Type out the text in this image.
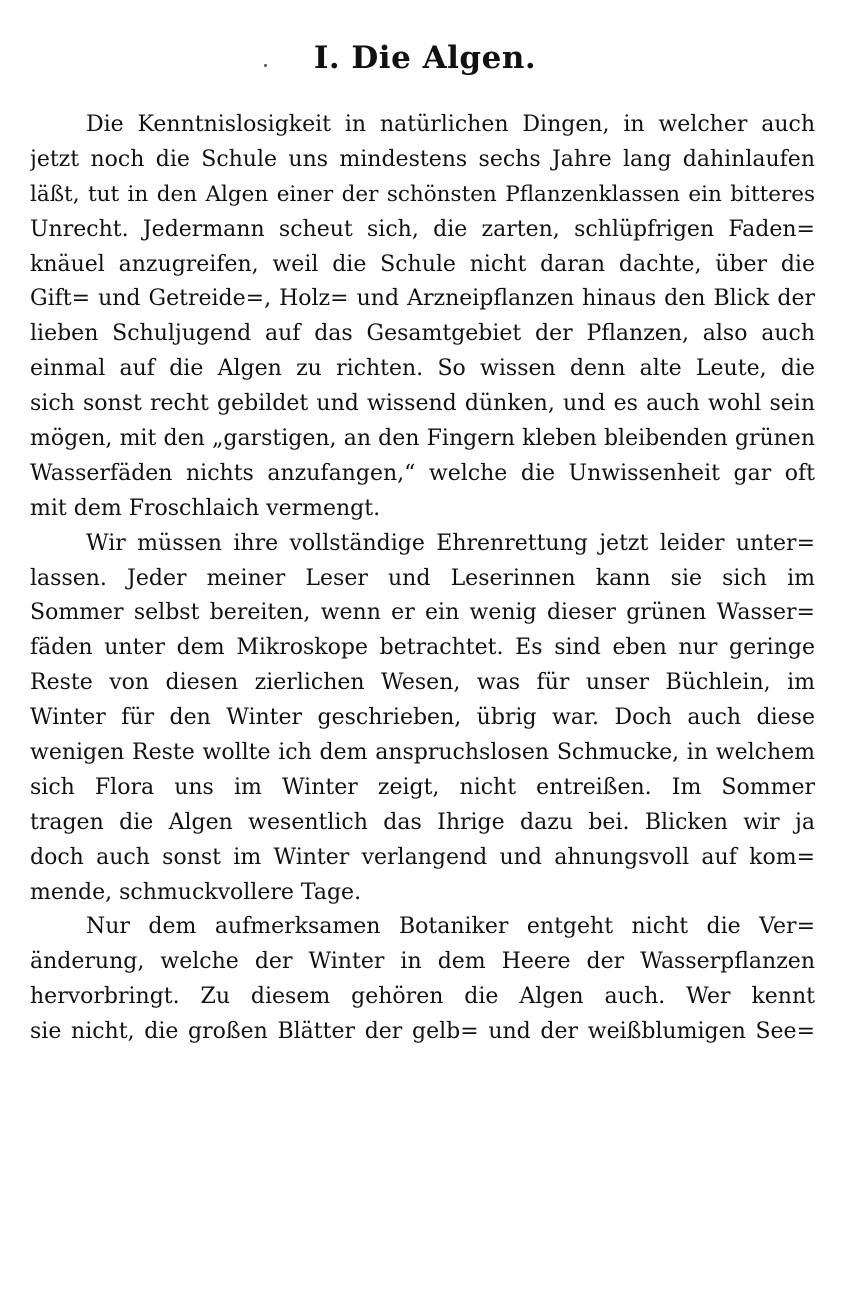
I. Die Algen.
Die Kenntnislosigkeit in natürlichen Dingen, in welcher auch
jetzt noch die Schule uns mindestens sechs Jahre lang dahinlaufen
läßt, tut in den Algen einer der schönsten Pflanzenklassen ein bitteres
Unrecht. Jedermann scheut sich, die zarten, schlüpfrigen Faden=
knäuel anzugreifen, weil die Schule nicht daran dachte, über die
Gift= und Getreide=, Holz= und Arzneipflanzen hinaus den Blick der
lieben Schuljugend auf das Gesamtgebiet der Pflanzen, also auch
einmal auf die Algen zu richten. So wissen denn alte Leute, die
sich sonst recht gebildet und wissend dünken, und es auch wohl sein
mögen, mit den „garstigen, an den Fingern kleben bleibenden grünen
Wasserfäden nichts anzufangen,“ welche die Unwissenheit gar oft
mit dem Froschlaich vermengt.
Wir müssen ihre vollständige Ehrenrettung jetzt leider unter=
lassen. Jeder meiner Leser und Leserinnen kann sie sich im
Sommer selbst bereiten, wenn er ein wenig dieser grünen Wasser=
fäden unter dem Mikroskope betrachtet. Es sind eben nur geringe
Reste von diesen zierlichen Wesen, was für unser Büchlein, im
Winter für den Winter geschrieben, übrig war. Doch auch diese
wenigen Reste wollte ich dem anspruchslosen Schmucke, in welchem
sich Flora uns im Winter zeigt, nicht entreißen. Im Sommer
tragen die Algen wesentlich das Ihrige dazu bei. Blicken wir ja
doch auch sonst im Winter verlangend und ahnungsvoll auf kom=
mende, schmuckvollere Tage.
Nur dem aufmerksamen Botaniker entgeht nicht die Ver=
änderung, welche der Winter in dem Heere der Wasserpflanzen
hervorbringt. Zu diesem gehören die Algen auch. Wer kennt
sie nicht, die großen Blätter der gelb= und der weißblumigen See=
